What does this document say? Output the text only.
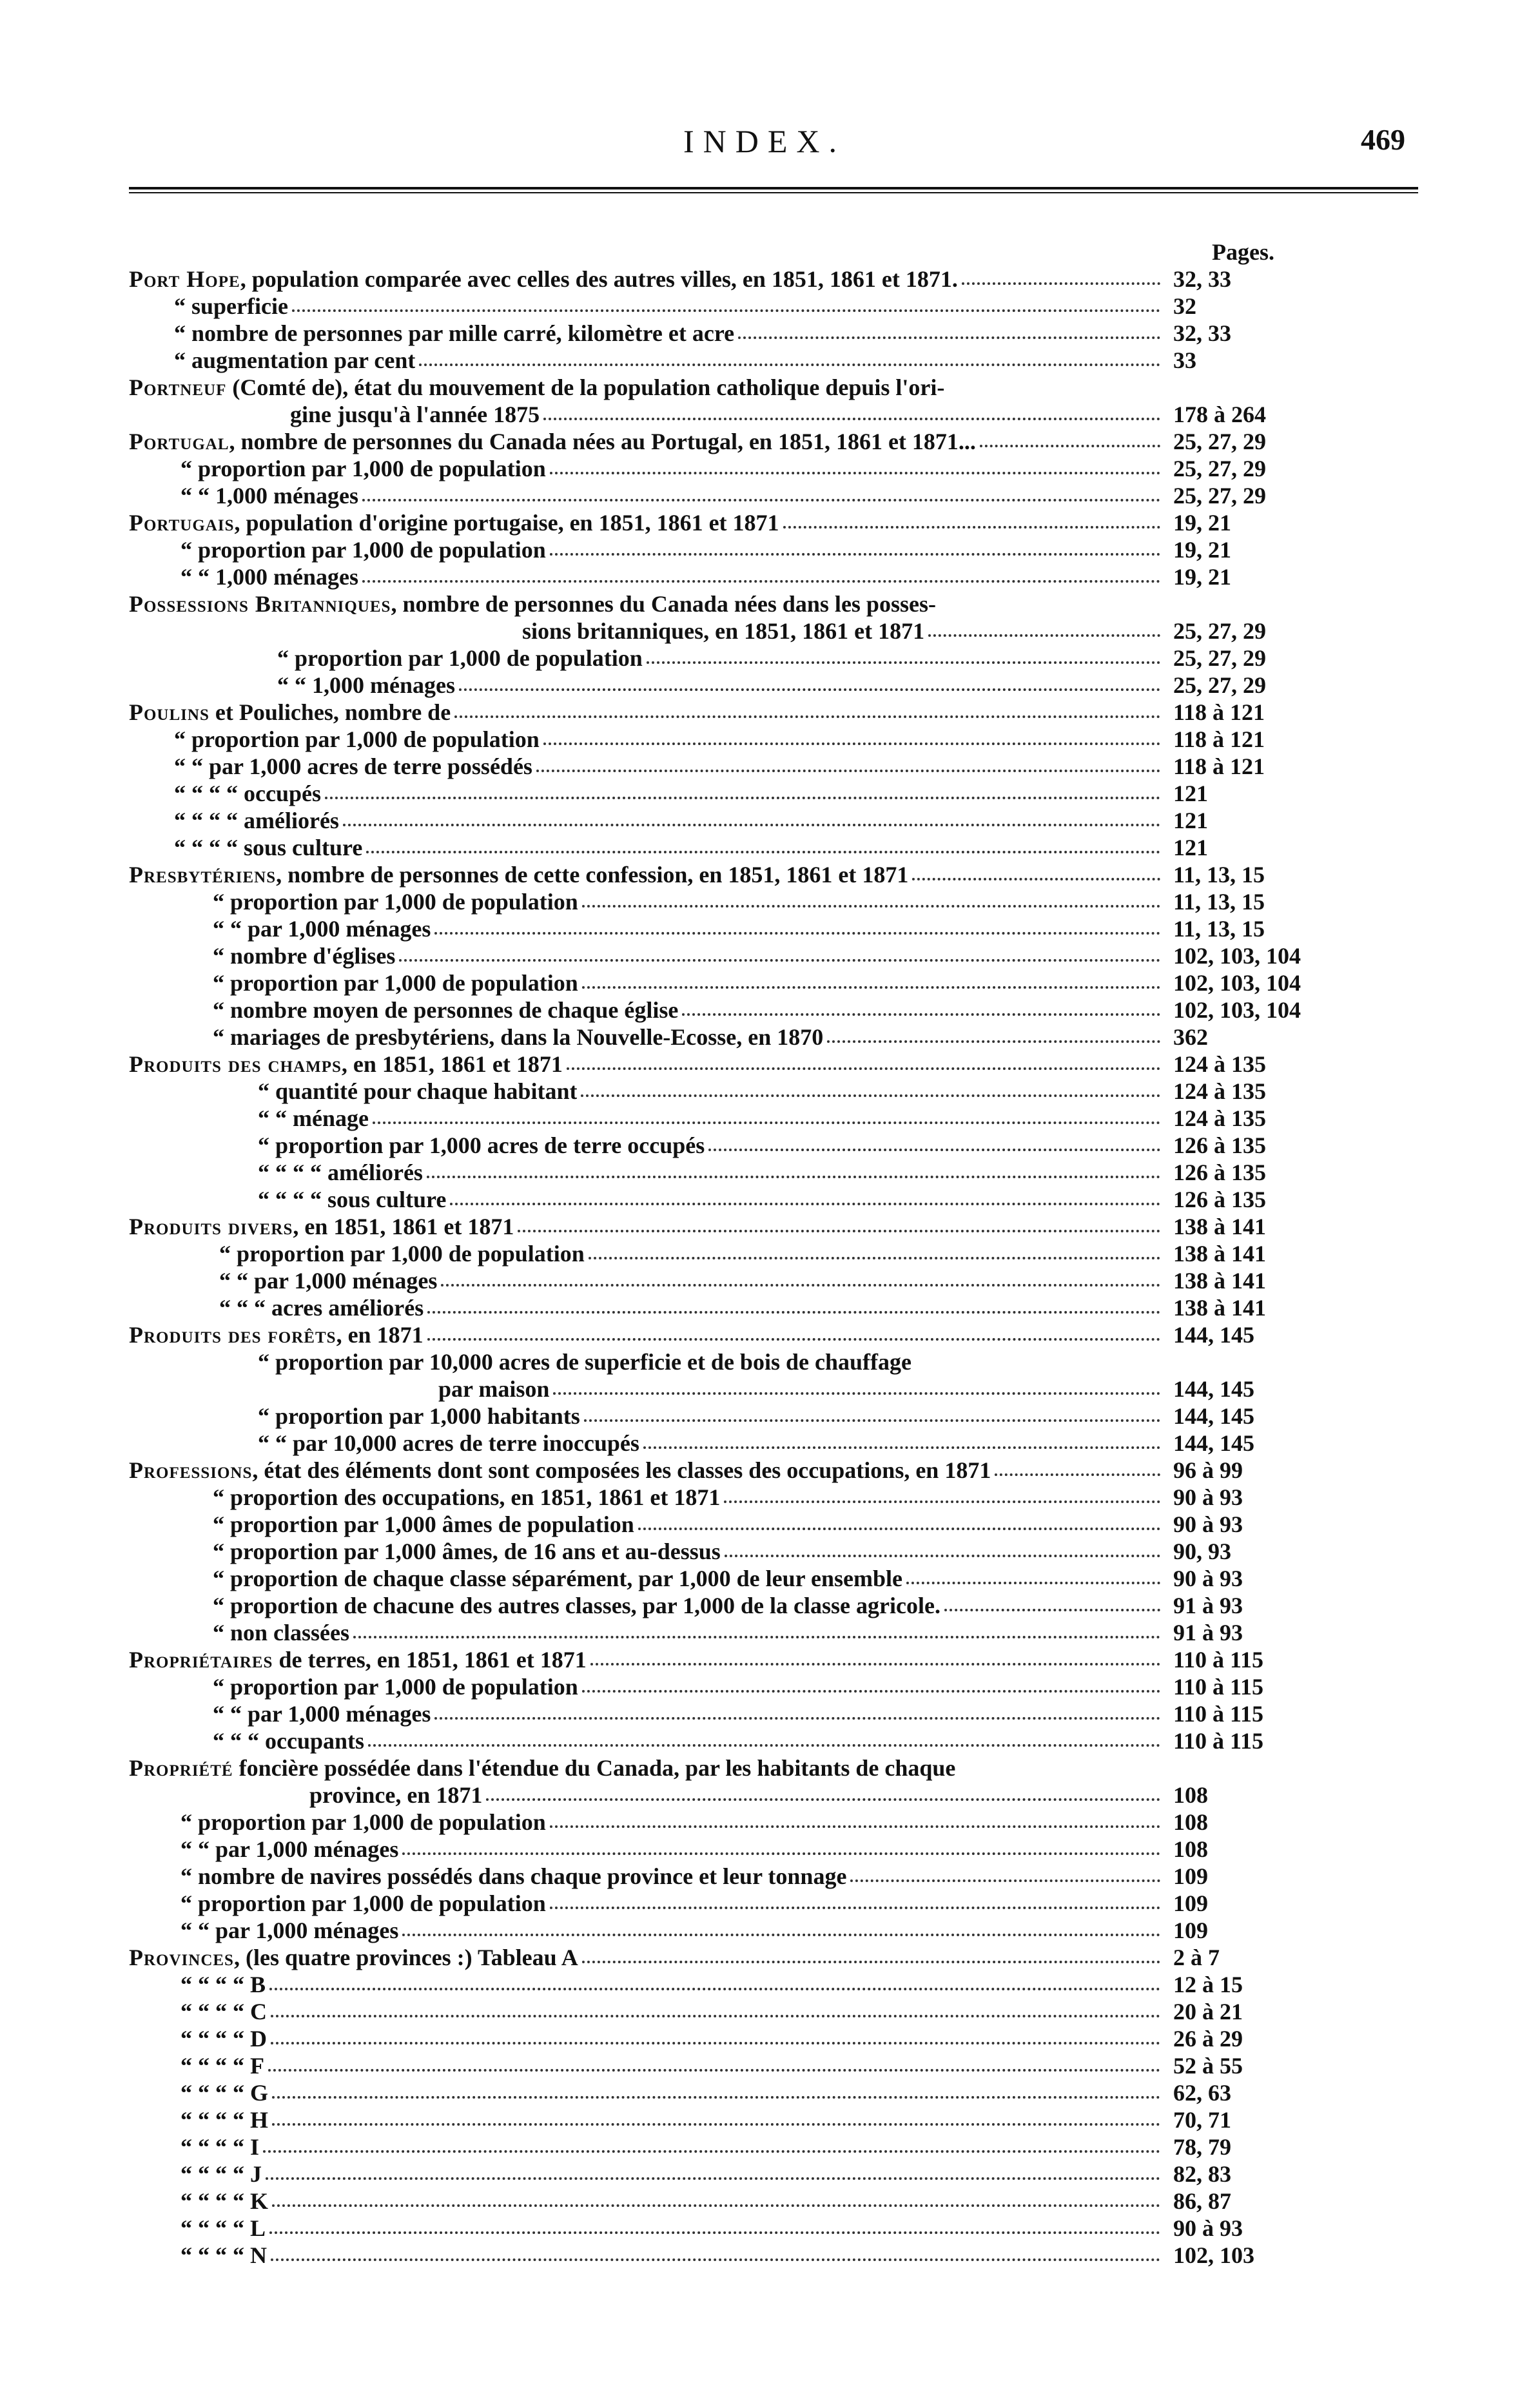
INDEX.	469
Pages.
Port Hope, population comparée avec celles des autres villes, en 1851, 1861 et 1871.	32, 33
“ superficie	32
“ nombre de personnes par mille carré, kilomètre et acre	32, 33
“ augmentation par cent	33
Portneuf (Comté de), état du mouvement de la population catholique depuis l'ori-
gine jusqu'à l'année 1875	178 à 264
Portugal, nombre de personnes du Canada nées au Portugal, en 1851, 1861 et 1871...	25, 27, 29
“ proportion par 1,000 de population	25, 27, 29
“ “ 1,000 ménages	25, 27, 29
Portugais, population d'origine portugaise, en 1851, 1861 et 1871	19, 21
“ proportion par 1,000 de population	19, 21
“ “ 1,000 ménages	19, 21
Possessions Britanniques, nombre de personnes du Canada nées dans les posses-
sions britanniques, en 1851, 1861 et 1871	25, 27, 29
“ proportion par 1,000 de population	25, 27, 29
“ “ 1,000 ménages	25, 27, 29
Poulins et Pouliches, nombre de	118 à 121
“ proportion par 1,000 de population	118 à 121
“ “ par 1,000 acres de terre possédés	118 à 121
“ “ “ “ occupés	121
“ “ “ “ améliorés	121
“ “ “ “ sous culture	121
Presbytériens, nombre de personnes de cette confession, en 1851, 1861 et 1871	11, 13, 15
“ proportion par 1,000 de population	11, 13, 15
“ “ par 1,000 ménages	11, 13, 15
“ nombre d'églises	102, 103, 104
“ proportion par 1,000 de population	102, 103, 104
“ nombre moyen de personnes de chaque église	102, 103, 104
“ mariages de presbytériens, dans la Nouvelle-Ecosse, en 1870	362
Produits des champs, en 1851, 1861 et 1871	124 à 135
“ quantité pour chaque habitant	124 à 135
“ “ ménage	124 à 135
“ proportion par 1,000 acres de terre occupés	126 à 135
“ “ “ “ améliorés	126 à 135
“ “ “ “ sous culture	126 à 135
Produits divers, en 1851, 1861 et 1871	138 à 141
“ proportion par 1,000 de population	138 à 141
“ “ par 1,000 ménages	138 à 141
“ “ “ acres améliorés	138 à 141
Produits des forêts, en 1871	144, 145
“ proportion par 10,000 acres de superficie et de bois de chauffage
par maison	144, 145
“ proportion par 1,000 habitants	144, 145
“ “ par 10,000 acres de terre inoccupés	144, 145
Professions, état des éléments dont sont composées les classes des occupations, en 1871	96 à 99
“ proportion des occupations, en 1851, 1861 et 1871	90 à 93
“ proportion par 1,000 âmes de population	90 à 93
“ proportion par 1,000 âmes, de 16 ans et au-dessus	90, 93
“ proportion de chaque classe séparément, par 1,000 de leur ensemble	90 à 93
“ proportion de chacune des autres classes, par 1,000 de la classe agricole.	91 à 93
“ non classées	91 à 93
Propriétaires de terres, en 1851, 1861 et 1871	110 à 115
“ proportion par 1,000 de population	110 à 115
“ “ par 1,000 ménages	110 à 115
“ “ “ occupants	110 à 115
Propriété foncière possédée dans l'étendue du Canada, par les habitants de chaque
province, en 1871	108
“ proportion par 1,000 de population	108
“ “ par 1,000 ménages	108
“ nombre de navires possédés dans chaque province et leur tonnage	109
“ proportion par 1,000 de population	109
“ “ par 1,000 ménages	109
Provinces, (les quatre provinces :) Tableau A	2 à 7
“ “ “ “ B	12 à 15
“ “ “ “ C	20 à 21
“ “ “ “ D	26 à 29
“ “ “ “ F	52 à 55
“ “ “ “ G	62, 63
“ “ “ “ H	70, 71
“ “ “ “ I	78, 79
“ “ “ “ J	82, 83
“ “ “ “ K	86, 87
“ “ “ “ L	90 à 93
“ “ “ “ N	102, 103
